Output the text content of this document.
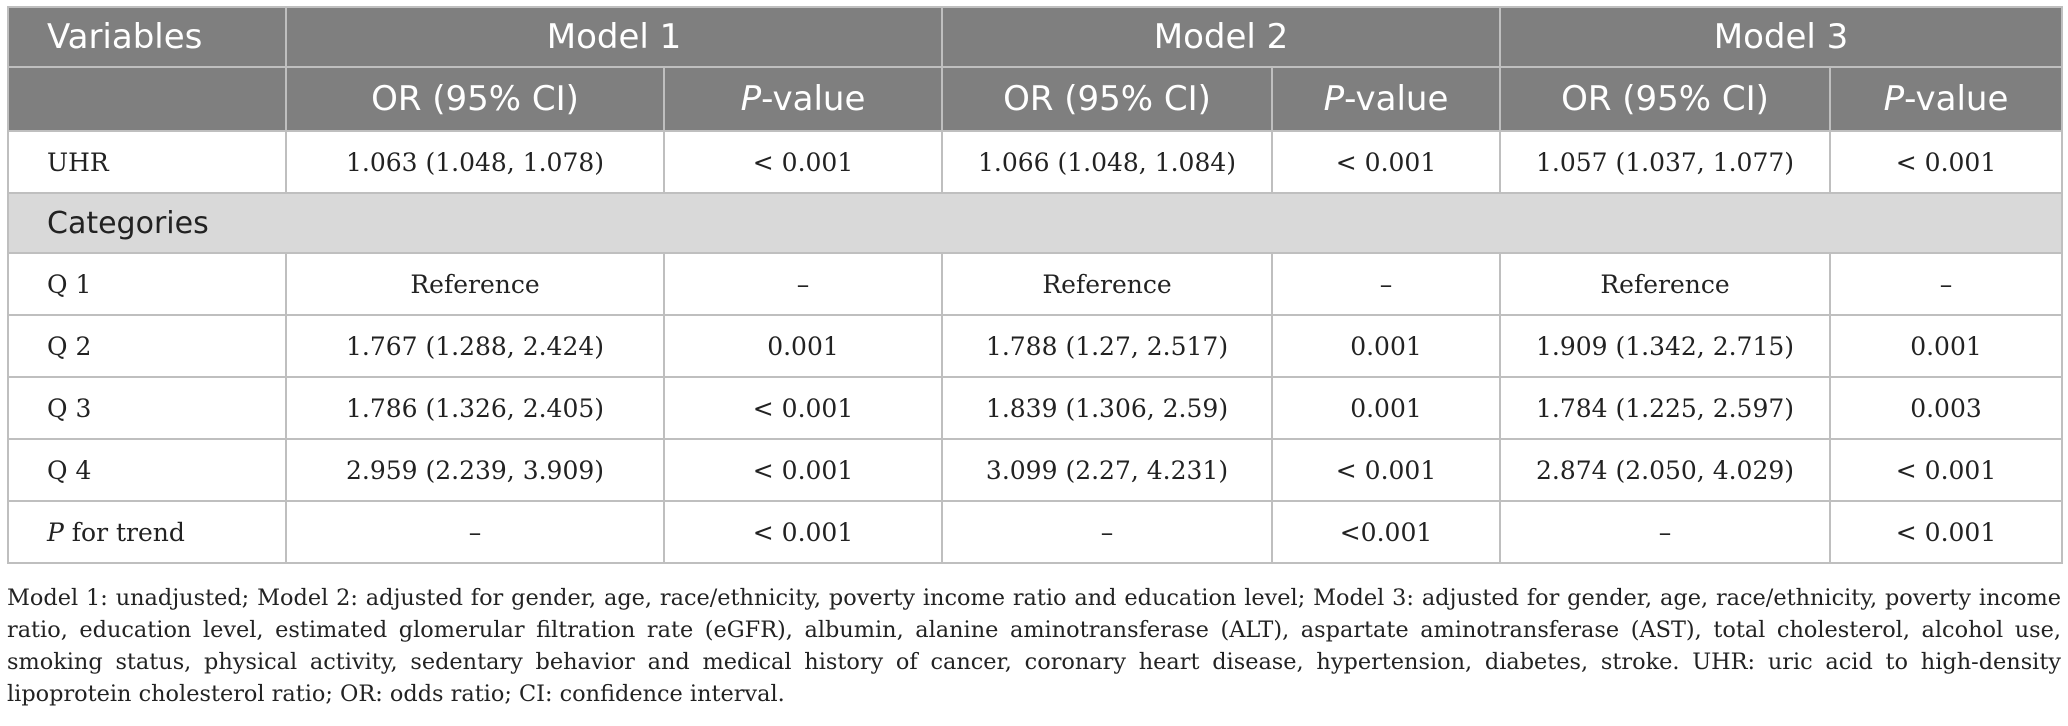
Variables	Model 1		Model 2		Model 3	
	OR (95% CI)	P-value	OR (95% CI)	P-value	OR (95% CI)	P-value
UHR	1.063 (1.048, 1.078)	< 0.001	1.066 (1.048, 1.084)	< 0.001	1.057 (1.037, 1.077)	< 0.001
Categories						
Q 1	Reference	–	Reference	–	Reference	–
Q 2	1.767 (1.288, 2.424)	0.001	1.788 (1.27, 2.517)	0.001	1.909 (1.342, 2.715)	0.001
Q 3	1.786 (1.326, 2.405)	< 0.001	1.839 (1.306, 2.59)	0.001	1.784 (1.225, 2.597)	0.003
Q 4	2.959 (2.239, 3.909)	< 0.001	3.099 (2.27, 4.231)	< 0.001	2.874 (2.050, 4.029)	< 0.001
P for trend	–	< 0.001	–	<0.001	–	< 0.001
Model 1: unadjusted; Model 2: adjusted for gender, age, race/ethnicity, poverty income ratio and education level; Model 3: adjusted for gender, age, race/ethnicity, poverty income ratio, education level, estimated glomerular filtration rate (eGFR), albumin, alanine aminotransferase (ALT), aspartate aminotransferase (AST), total cholesterol, alcohol use, smoking status, physical activity, sedentary behavior and medical history of cancer, coronary heart disease, hypertension, diabetes, stroke. UHR: uric acid to high-density lipoprotein cholesterol ratio; OR: odds ratio; CI: confidence interval.
